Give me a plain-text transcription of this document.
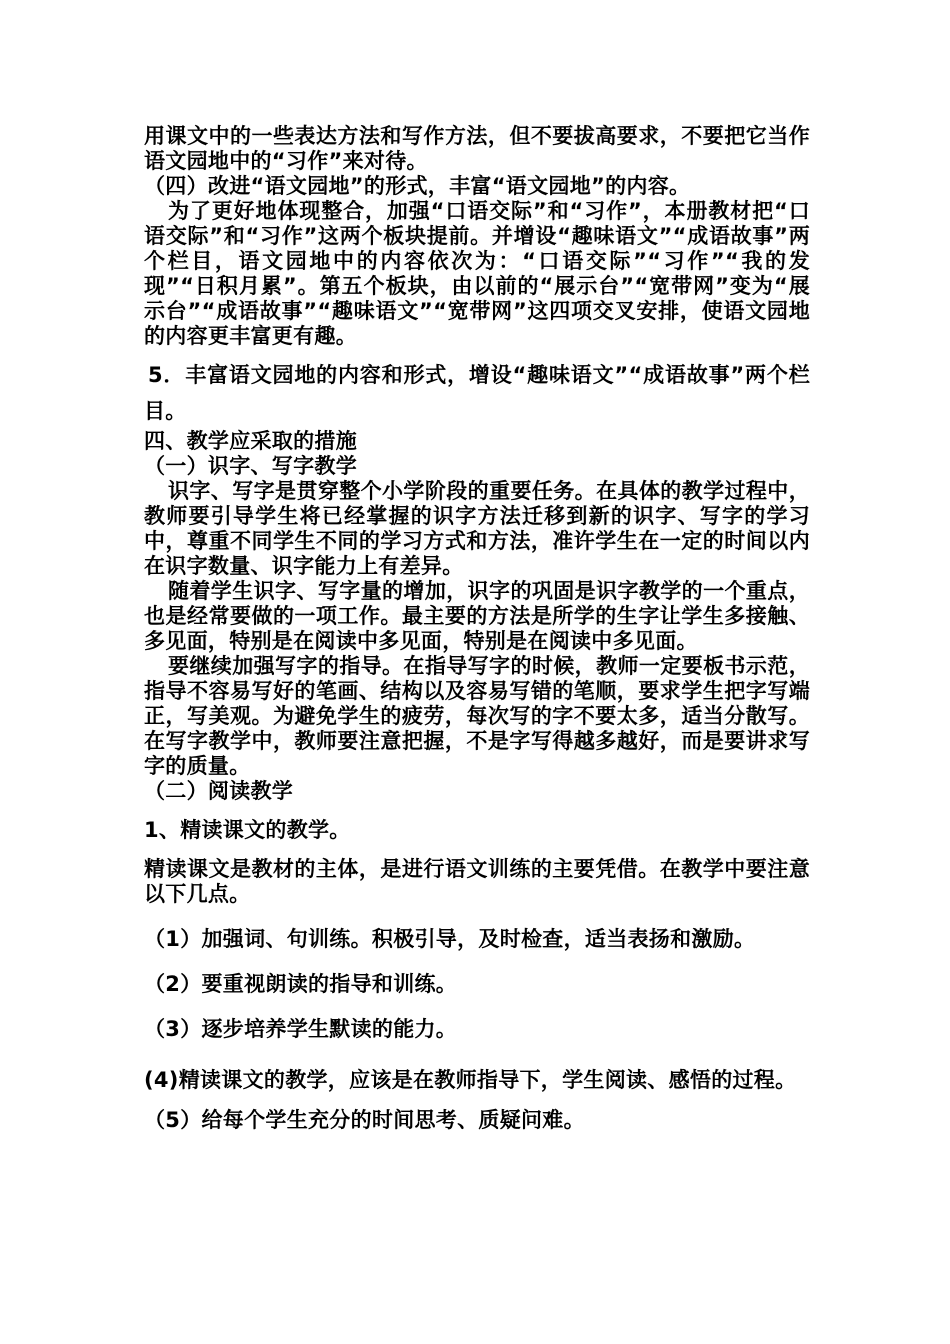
用课文中的一些表达方法和写作方法，但不要拔高要求，不要把它当作语文园地中的“习作”来对待。

（四）改进“语文园地”的形式，丰富“语文园地”的内容。

为了更好地体现整合，加强“口语交际”和“习作”，本册教材把“口语交际”和“习作”这两个板块提前。并增设“趣味语文”“成语故事”两个栏目，语文园地中的内容依次为：“口语交际”“习作”“我的发现”“日积月累”。第五个板块，由以前的“展示台”“宽带网”变为“展示台”“成语故事”“趣味语文”“宽带网”这四项交叉安排，使语文园地的内容更丰富更有趣。

5．丰富语文园地的内容和形式，增设“趣味语文”“成语故事”两个栏目。

四、教学应采取的措施

（一）识字、写字教学

识字、写字是贯穿整个小学阶段的重要任务。在具体的教学过程中，教师要引导学生将已经掌握的识字方法迁移到新的识字、写字的学习中，尊重不同学生不同的学习方式和方法，准许学生在一定的时间以内在识字数量、识字能力上有差异。

随着学生识字、写字量的增加，识字的巩固是识字教学的一个重点，也是经常要做的一项工作。最主要的方法是所学的生字让学生多接触、多见面，特别是在阅读中多见面，特别是在阅读中多见面。

要继续加强写字的指导。在指导写字的时候，教师一定要板书示范，指导不容易写好的笔画、结构以及容易写错的笔顺，要求学生把字写端正，写美观。为避免学生的疲劳，每次写的字不要太多，适当分散写。在写字教学中，教师要注意把握，不是字写得越多越好，而是要讲求写字的质量。

（二）阅读教学

1、精读课文的教学。

精读课文是教材的主体，是进行语文训练的主要凭借。在教学中要注意以下几点。

（1）加强词、句训练。积极引导，及时检查，适当表扬和激励。

（2）要重视朗读的指导和训练。

（3）逐步培养学生默读的能力。

(4)精读课文的教学，应该是在教师指导下，学生阅读、感悟的过程。

（5）给每个学生充分的时间思考、质疑问难。
